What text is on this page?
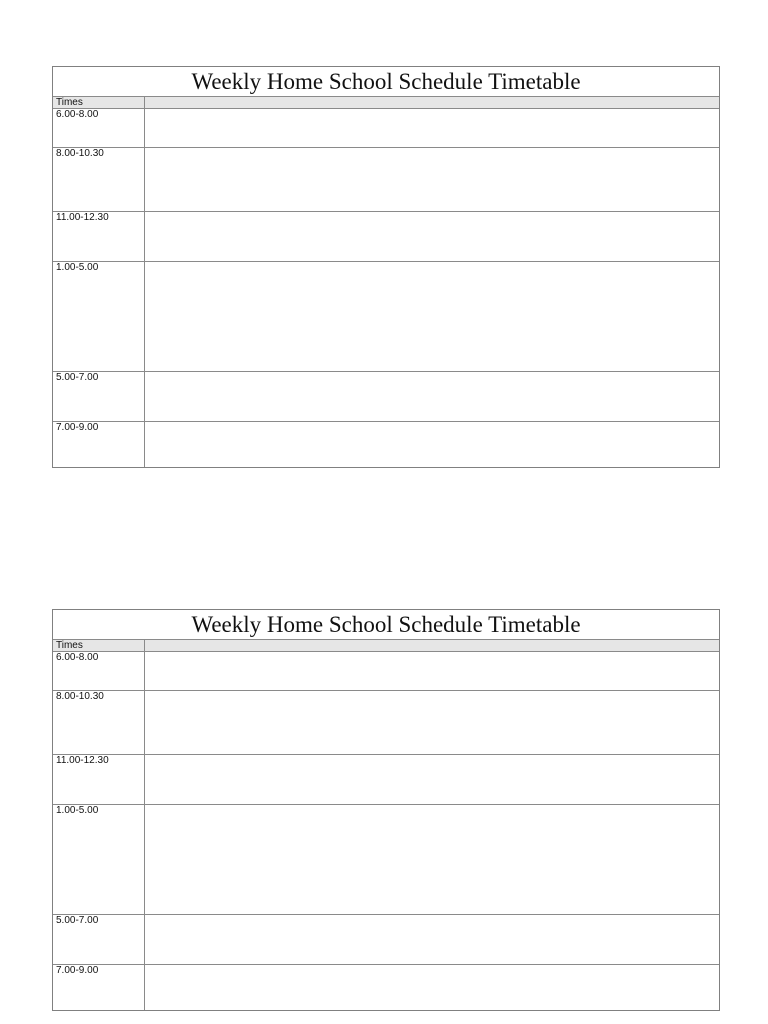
Weekly Home School Schedule Timetable
Times
6.00-8.00
8.00-10.30
11.00-12.30
1.00-5.00
5.00-7.00
7.00-9.00
Weekly Home School Schedule Timetable
Times
6.00-8.00
8.00-10.30
11.00-12.30
1.00-5.00
5.00-7.00
7.00-9.00
